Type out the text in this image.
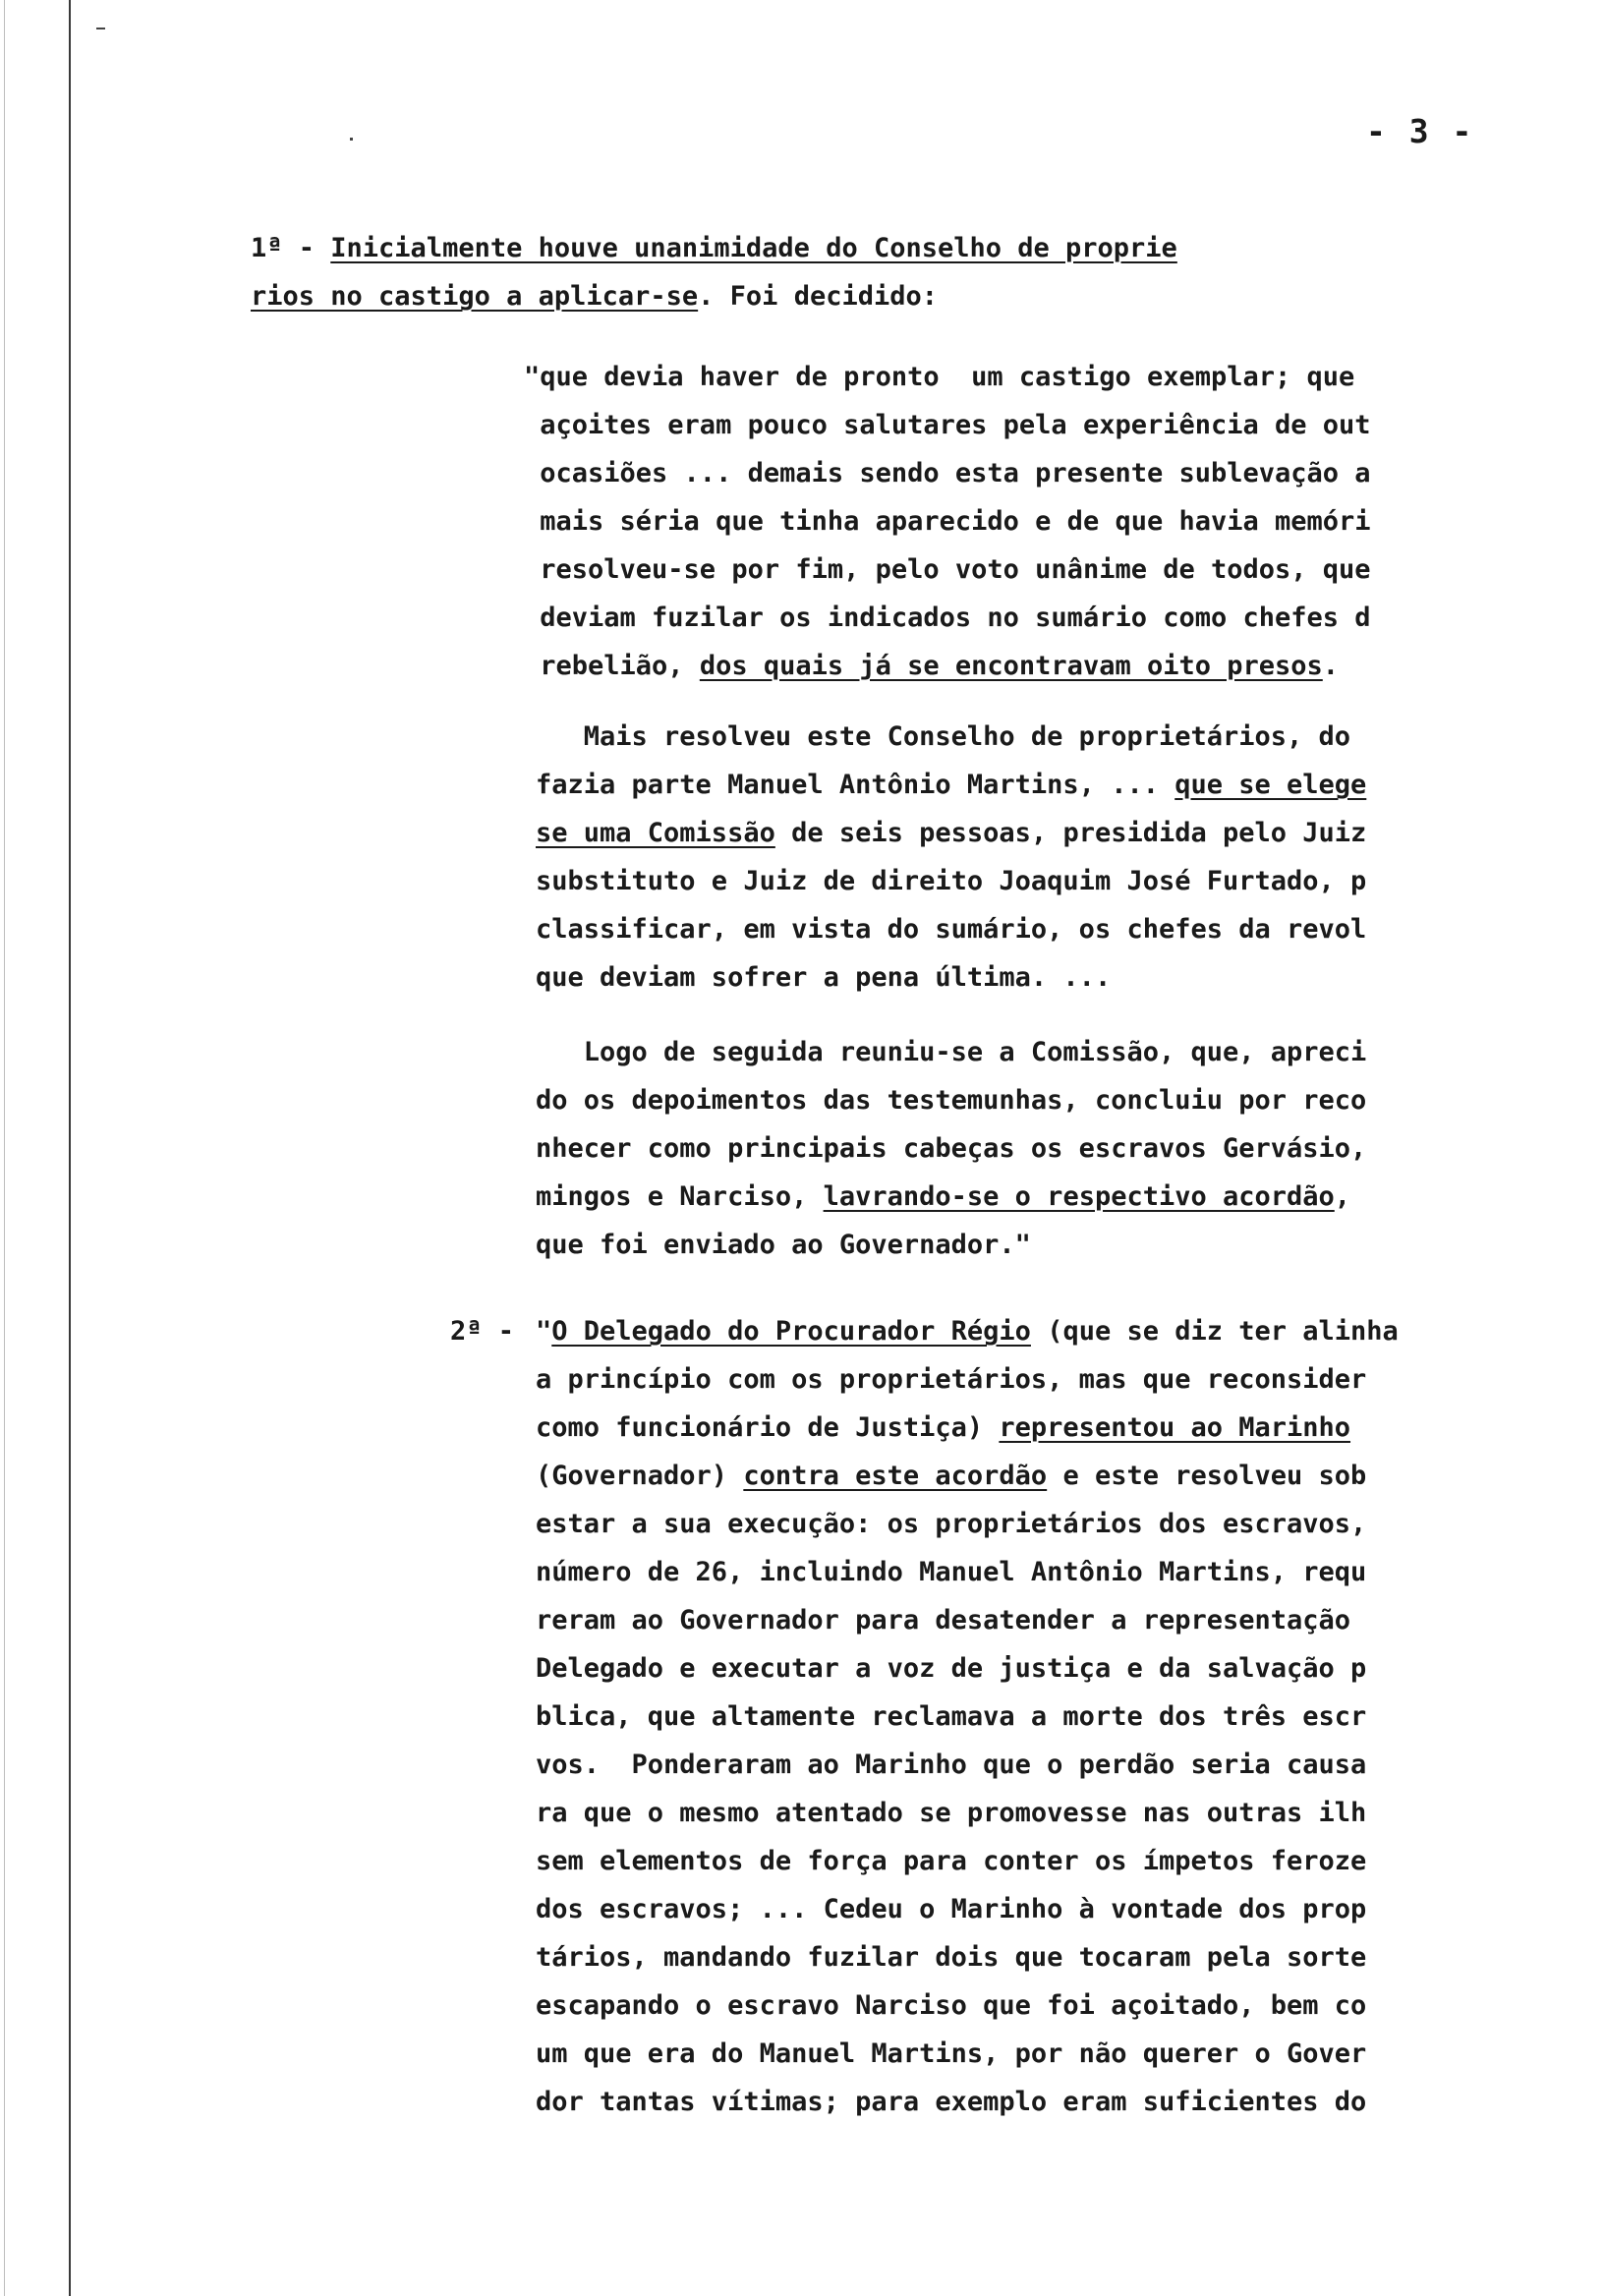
- 3 -
1ª - Inicialmente houve unanimidade do Conselho de proprie
rios no castigo a aplicar-se. Foi decidido:
"que devia haver de pronto  um castigo exemplar; que
açoites eram pouco salutares pela experiência de out
ocasiões ... demais sendo esta presente sublevação a
mais séria que tinha aparecido e de que havia memóri
resolveu-se por fim, pelo voto unânime de todos, que
deviam fuzilar os indicados no sumário como chefes d
rebelião, dos quais já se encontravam oito presos.
Mais resolveu este Conselho de proprietários, do
fazia parte Manuel Antônio Martins, ... que se elege
se uma Comissão de seis pessoas, presidida pelo Juiz
substituto e Juiz de direito Joaquim José Furtado, p
classificar, em vista do sumário, os chefes da revol
que deviam sofrer a pena última. ...
Logo de seguida reuniu-se a Comissão, que, apreci
do os depoimentos das testemunhas, concluiu por reco
nhecer como principais cabeças os escravos Gervásio,
mingos e Narciso, lavrando-se o respectivo acordão,
que foi enviado ao Governador."
2ª - "O Delegado do Procurador Régio (que se diz ter alinha
a princípio com os proprietários, mas que reconsider
como funcionário de Justiça) representou ao Marinho
(Governador) contra este acordão e este resolveu sob
estar a sua execução: os proprietários dos escravos,
número de 26, incluindo Manuel Antônio Martins, requ
reram ao Governador para desatender a representação
Delegado e executar a voz de justiça e da salvação p
blica, que altamente reclamava a morte dos três escr
vos.  Ponderaram ao Marinho que o perdão seria causa
ra que o mesmo atentado se promovesse nas outras ilh
sem elementos de força para conter os ímpetos feroze
dos escravos; ... Cedeu o Marinho à vontade dos prop
tários, mandando fuzilar dois que tocaram pela sorte
escapando o escravo Narciso que foi açoitado, bem co
um que era do Manuel Martins, por não querer o Gover
dor tantas vítimas; para exemplo eram suficientes do
